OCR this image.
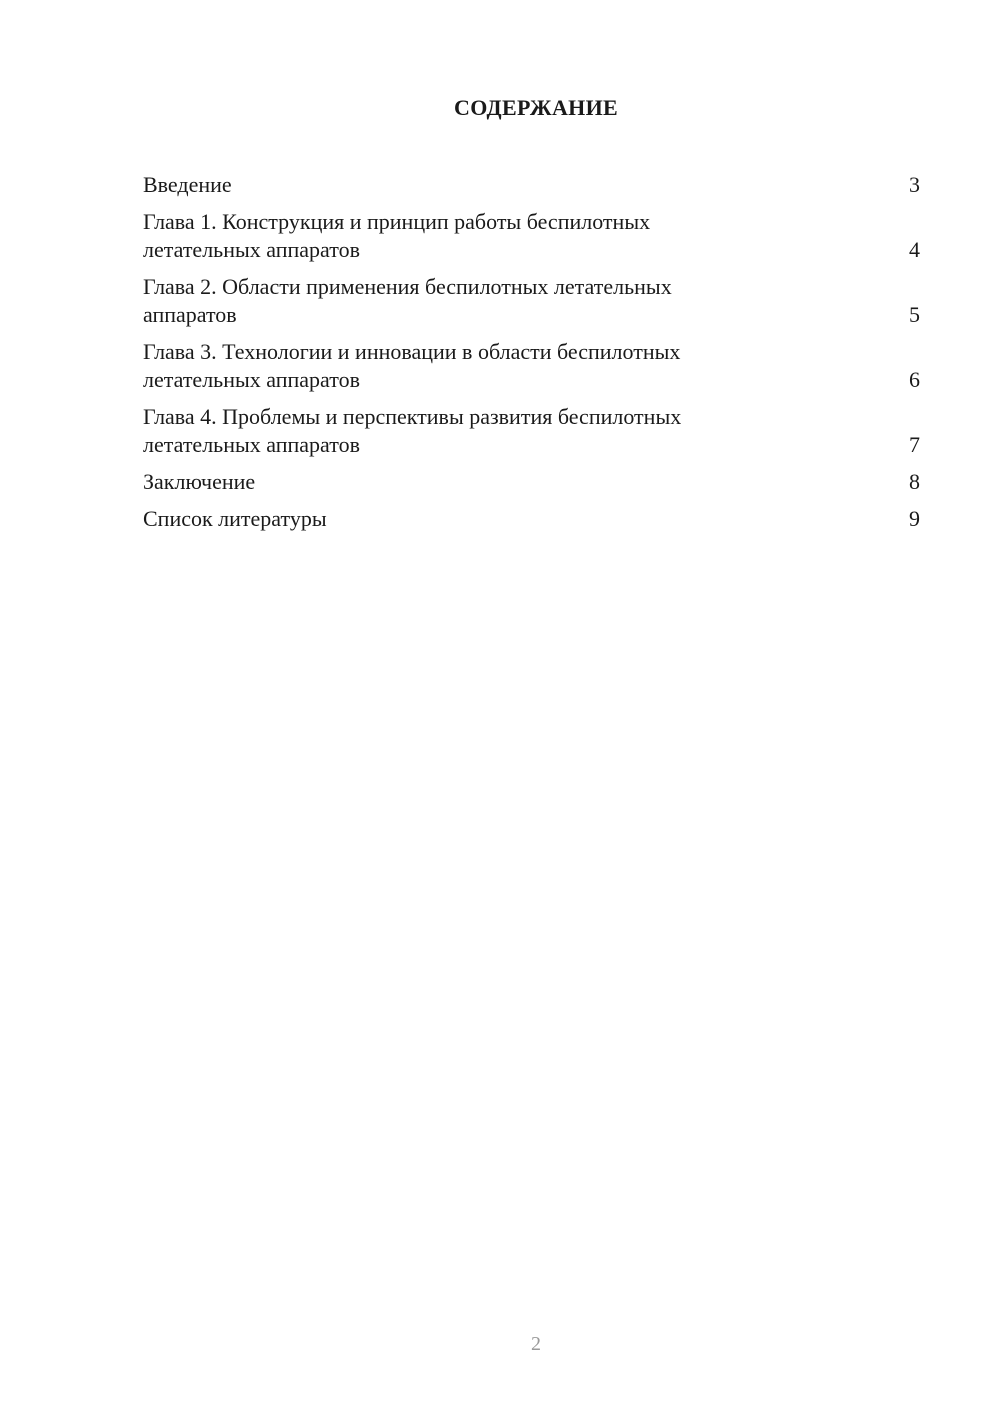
СОДЕРЖАНИЕ
Введение	3
Глава 1. Конструкция и принцип работы беспилотных
летательных аппаратов	4
Глава 2. Области применения беспилотных летательных
аппаратов	5
Глава 3. Технологии и инновации в области беспилотных
летательных аппаратов	6
Глава 4. Проблемы и перспективы развития беспилотных
летательных аппаратов	7
Заключение	8
Список литературы	9
2
